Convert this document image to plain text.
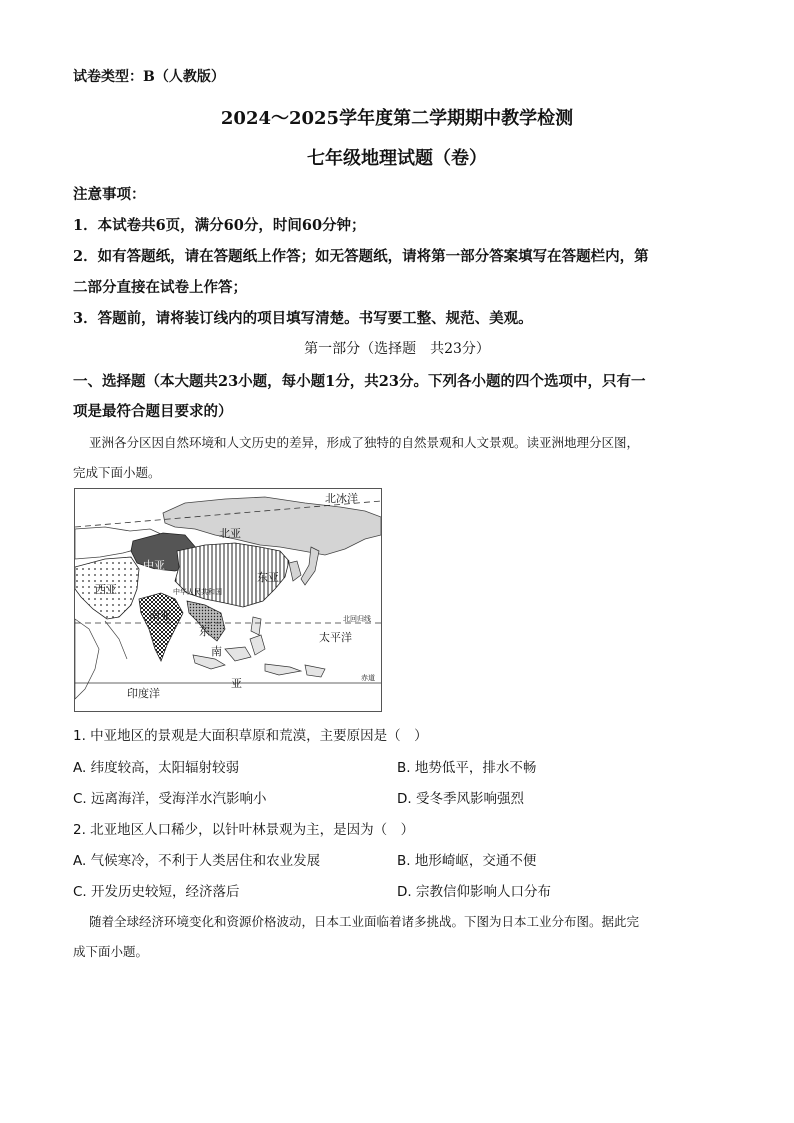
试卷类型：B（人教版）
2024～2025学年度第二学期期中教学检测
七年级地理试题（卷）
注意事项：
1．本试卷共6页，满分60分，时间60分钟；
2．如有答题纸，请在答题纸上作答；如无答题纸，请将第一部分答案填写在答题栏内，第
二部分直接在试卷上作答；
3．答题前，请将装订线内的项目填写清楚。书写要工整、规范、美观。
第一部分（选择题　共23分）
一、选择题（本大题共23小题，每小题1分，共23分。下列各小题的四个选项中，只有一
项是最符合题目要求的）
亚洲各分区因自然环境和人文历史的差异，形成了独特的自然景观和人文景观。读亚洲地理分区图，
完成下面小题。
北冰洋
北亚
中亚
东亚
西亚	中华人民共和国
南亚	北回归线
太平洋
东
南
亚	赤道
印度洋
1. 中亚地区的景观是大面积草原和荒漠，主要原因是（　）
A. 纬度较高，太阳辐射较弱	B. 地势低平，排水不畅
C. 远离海洋，受海洋水汽影响小	D. 受冬季风影响强烈
2. 北亚地区人口稀少，以针叶林景观为主，是因为（　）
A. 气候寒冷，不利于人类居住和农业发展	B. 地形崎岖，交通不便
C. 开发历史较短，经济落后	D. 宗教信仰影响人口分布
随着全球经济环境变化和资源价格波动，日本工业面临着诸多挑战。下图为日本工业分布图。据此完
成下面小题。
